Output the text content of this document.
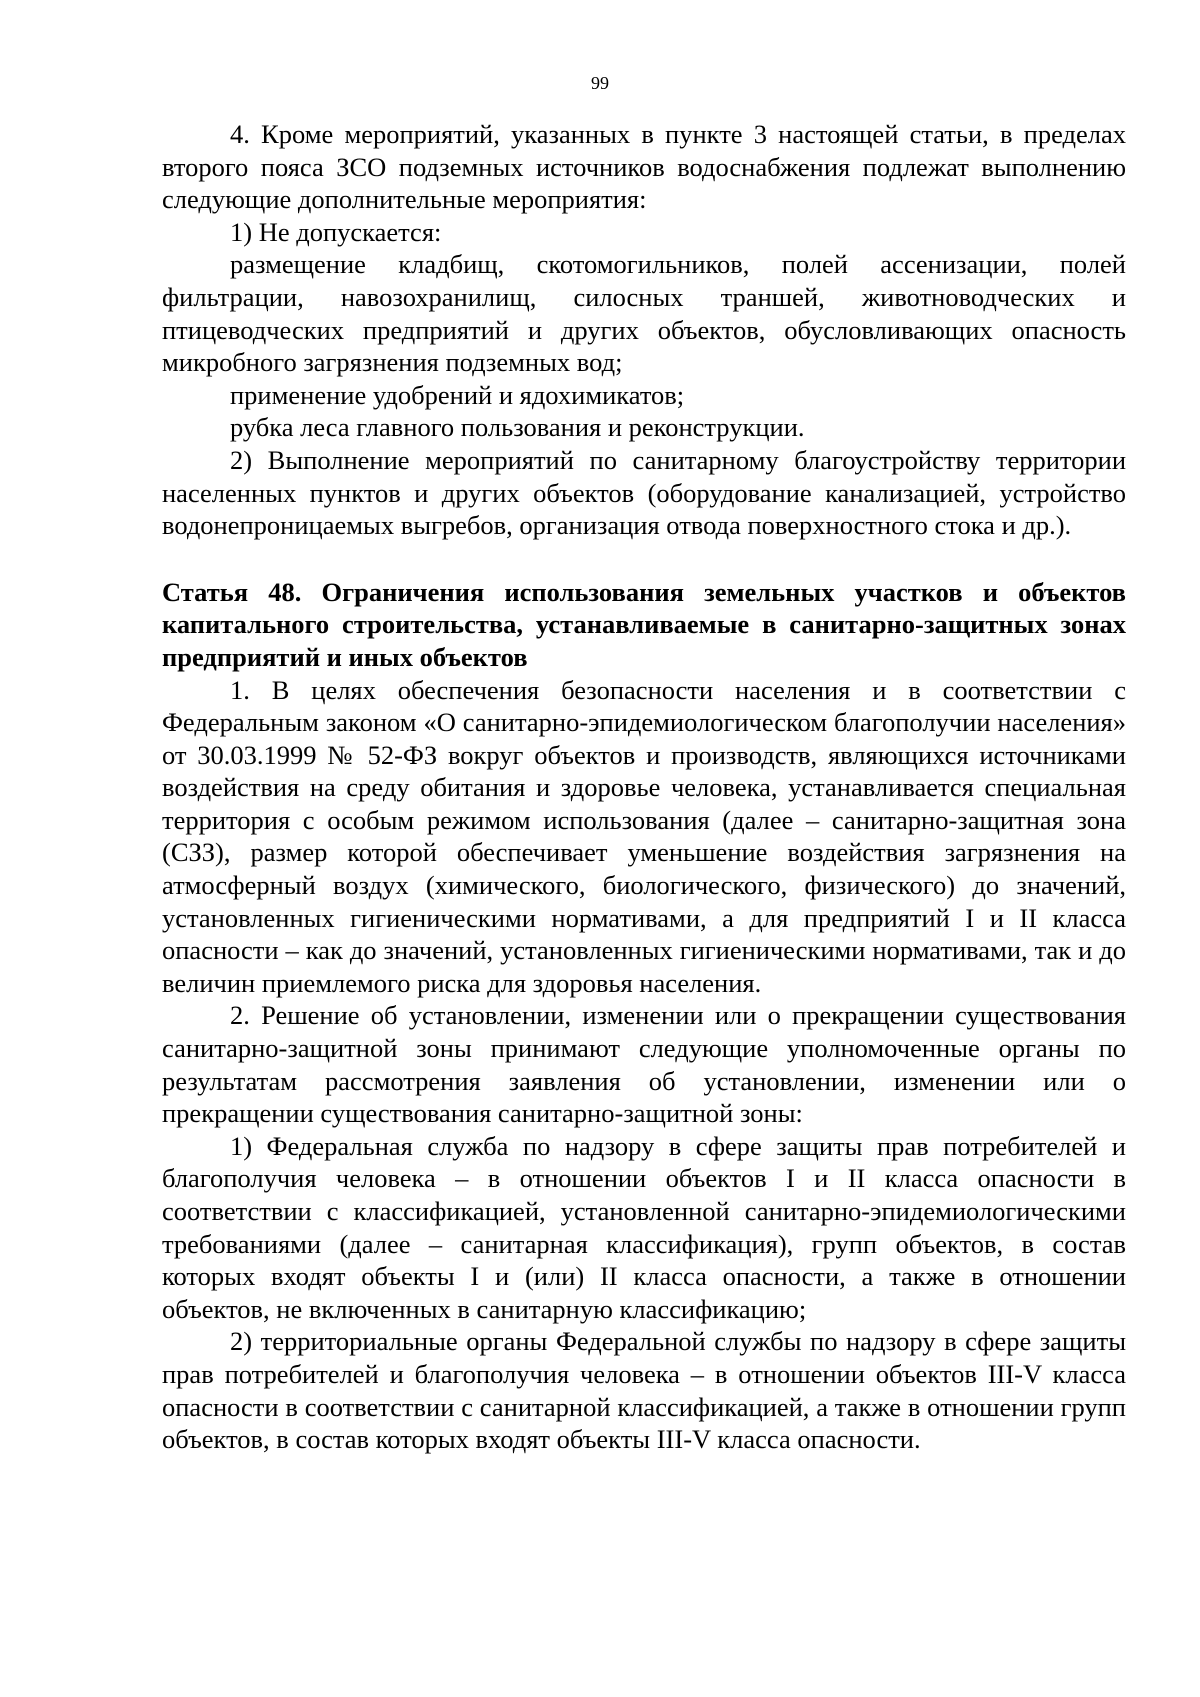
99

4. Кроме мероприятий, указанных в пункте 3 настоящей статьи, в пределах второго пояса ЗСО подземных источников водоснабжения подлежат выполнению следующие дополнительные мероприятия:

1) Не допускается:

размещение кладбищ, скотомогильников, полей ассенизации, полей фильтрации, навозохранилищ, силосных траншей, животноводческих и птицеводческих предприятий и других объектов, обусловливающих опасность микробного загрязнения подземных вод;

применение удобрений и ядохимикатов;

рубка леса главного пользования и реконструкции.

2) Выполнение мероприятий по санитарному благоустройству территории населенных пунктов и других объектов (оборудование канализацией, устройство водонепроницаемых выгребов, организация отвода поверхностного стока и др.).

Статья 48. Ограничения использования земельных участков и объектов капитального строительства, устанавливаемые в санитарно-защитных зонах предприятий и иных объектов

1. В целях обеспечения безопасности населения и в соответствии с Федеральным законом «О санитарно-эпидемиологическом благополучии населения» от 30.03.1999 № 52-ФЗ вокруг объектов и производств, являющихся источниками воздействия на среду обитания и здоровье человека, устанавливается специальная территория с особым режимом использования (далее – санитарно-защитная зона (СЗЗ), размер которой обеспечивает уменьшение воздействия загрязнения на атмосферный воздух (химического, биологического, физического) до значений, установленных гигиеническими нормативами, а для предприятий I и II класса опасности – как до значений, установленных гигиеническими нормативами, так и до величин приемлемого риска для здоровья населения.

2. Решение об установлении, изменении или о прекращении существования санитарно-защитной зоны принимают следующие уполномоченные органы по результатам рассмотрения заявления об установлении, изменении или о прекращении существования санитарно-защитной зоны:

1) Федеральная служба по надзору в сфере защиты прав потребителей и благополучия человека – в отношении объектов I и II класса опасности в соответствии с классификацией, установленной санитарно-эпидемиологическими требованиями (далее – санитарная классификация), групп объектов, в состав которых входят объекты I и (или) II класса опасности, а также в отношении объектов, не включенных в санитарную классификацию;

2) территориальные органы Федеральной службы по надзору в сфере защиты прав потребителей и благополучия человека – в отношении объектов III-V класса опасности в соответствии с санитарной классификацией, а также в отношении групп объектов, в состав которых входят объекты III-V класса опасности.
